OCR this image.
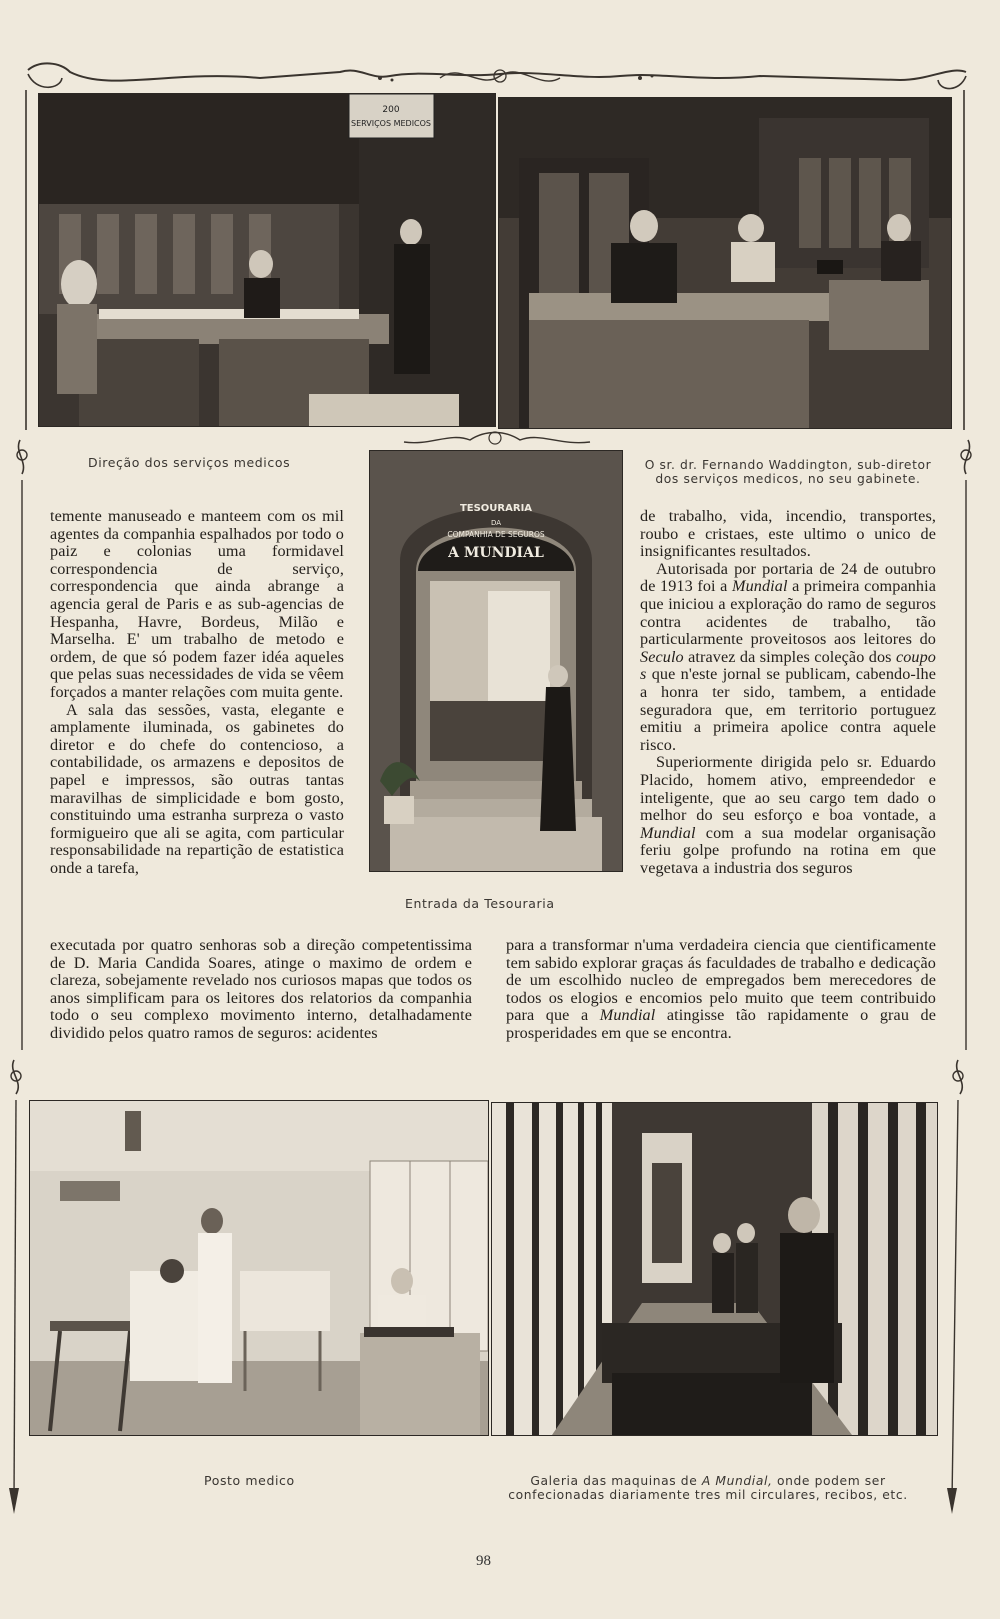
200
SERVIÇOS MEDICOS
TESOURARIA
DA
COMPANHIA DE SEGUROS
A MUNDIAL
Direção dos serviços medicos	O sr. dr. Fernando Waddington, sub-diretor dos serviços medicos, no seu gabinete.
Entrada da Tesouraria
Posto medico	Galeria das maquinas de A Mundial, onde podem ser confecionadas diariamente tres mil circulares, recibos, etc.

temente manuseado e manteem com os mil agentes da companhia espalhados por todo o paiz e colonias uma formidavel correspondencia de serviço, correspondencia que ainda abrange a agencia geral de Paris e as sub-agencias de Hespanha, Havre, Bordeus, Milão e Marselha. E' um trabalho de metodo e ordem, de que só podem fazer idéa aqueles que pelas suas necessidades de vida se vêem forçados a manter relações com muita gente.

A sala das sessões, vasta, elegante e amplamente iluminada, os gabinetes do diretor e do chefe do contencioso, a contabilidade, os armazens e depositos de papel e impressos, são outras tantas maravilhas de simplicidade e bom gosto, constituindo uma estranha surpreza o vasto formigueiro que ali se agita, com particular responsabilidade na repartição de estatistica onde a tarefa,

de trabalho, vida, incendio, transportes, roubo e cristaes, este ultimo o unico de insignificantes resultados.

Autorisada por portaria de 24 de outubro de 1913 foi a Mundial a primeira companhia que iniciou a exploração do ramo de seguros contra acidentes de trabalho, tão particularmente proveitosos aos leitores do Seculo atravez da simples coleção dos coupo s que n'este jornal se publicam, cabendo-lhe a honra ter sido, tambem, a entidade seguradora que, em territorio portuguez emitiu a primeira apolice contra aquele risco.

Superiormente dirigida pelo sr. Eduardo Placido, homem ativo, empreendedor e inteligente, que ao seu cargo tem dado o melhor do seu esforço e boa vontade, a Mundial com a sua modelar organisação feriu golpe profundo na rotina em que vegetava a industria dos seguros

executada por quatro senhoras sob a direção competentissima de D. Maria Candida Soares, atinge o maximo de ordem e clareza, sobejamente revelado nos curiosos mapas que todos os anos simplificam para os leitores dos relatorios da companhia todo o seu complexo movimento interno, detalhadamente dividido pelos quatro ramos de seguros: acidentes

para a transformar n'uma verdadeira ciencia que cientificamente tem sabido explorar graças ás faculdades de trabalho e dedicação de um escolhido nucleo de empregados bem merecedores de todos os elogios e encomios pelo muito que teem contribuido para que a Mundial atingisse tão rapidamente o grau de prosperidades em que se encontra.

98
